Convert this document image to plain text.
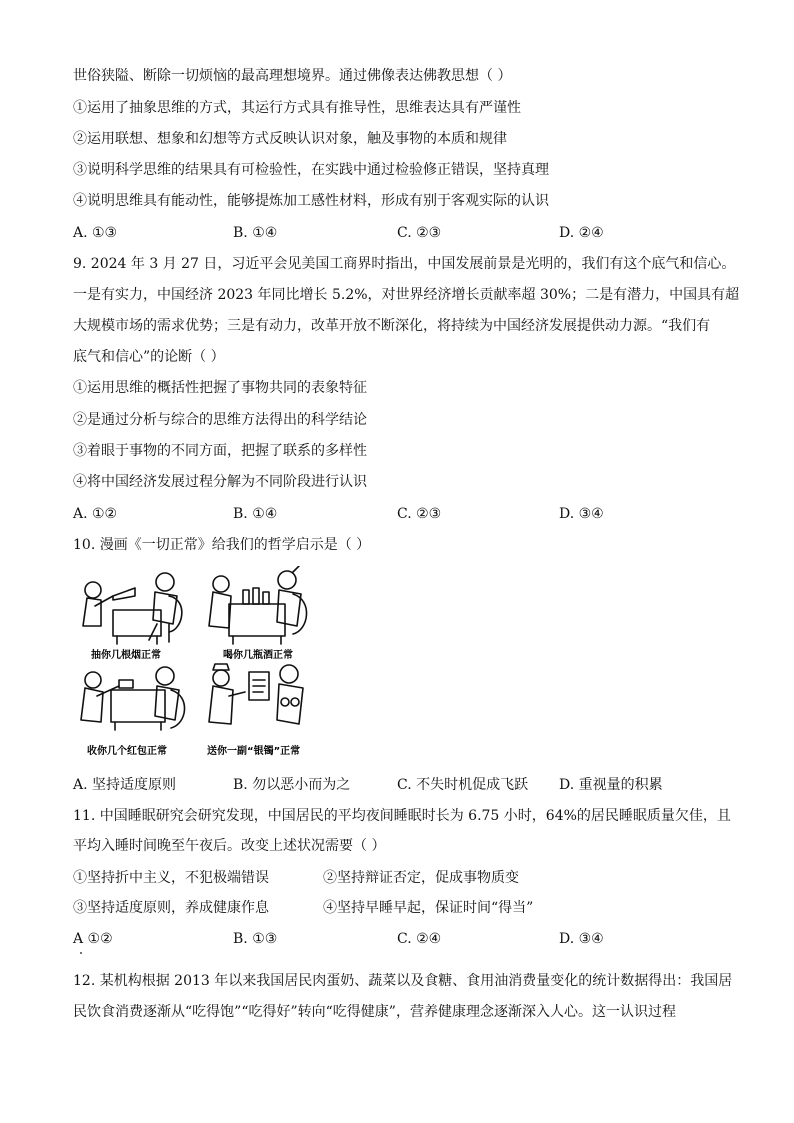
世俗狭隘、断除一切烦恼的最高理想境界。通过佛像表达佛教思想（ ）
①运用了抽象思维的方式，其运行方式具有推导性，思维表达具有严谨性
②运用联想、想象和幻想等方式反映认识对象，触及事物的本质和规律
③说明科学思维的结果具有可检验性，在实践中通过检验修正错误，坚持真理
④说明思维具有能动性，能够提炼加工感性材料，形成有别于客观实际的认识
A. ①③	B. ①④	C. ②③	D. ②④
9. 2024 年 3 月 27 日，习近平会见美国工商界时指出，中国发展前景是光明的，我们有这个底气和信心。
一是有实力，中国经济 2023 年同比增长 5.2%，对世界经济增长贡献率超 30%；二是有潜力，中国具有超
大规模市场的需求优势；三是有动力，改革开放不断深化，将持续为中国经济发展提供动力源。“我们有
底气和信心”的论断（ ）
①运用思维的概括性把握了事物共同的表象特征
②是通过分析与综合的思维方法得出的科学结论
③着眼于事物的不同方面，把握了联系的多样性
④将中国经济发展过程分解为不同阶段进行认识
A. ①②	B. ①④	C. ②③	D. ③④
10. 漫画《一切正常》给我们的哲学启示是（ ）
抽你几根烟正常	喝你几瓶酒正常
收你几个红包正常	送你一副“银镯”正常
A. 坚持适度原则	B. 勿以恶小而为之	C. 不失时机促成飞跃 D. 重视量的积累
11. 中国睡眠研究会研究发现，中国居民的平均夜间睡眠时长为 6.75 小时，64%的居民睡眠质量欠佳，且
平均入睡时间晚至午夜后。改变上述状况需要（ ）
①坚持折中主义，不犯极端错误	②坚持辩证否定，促成事物质变
③坚持适度原则，养成健康作息	④坚持早睡早起，保证时间“得当”
A ①②	B. ①③	C. ②④	D. ③④
12. 某机构根据 2013 年以来我国居民肉蛋奶、蔬菜以及食糖、食用油消费量变化的统计数据得出：我国居
民饮食消费逐渐从“吃得饱”“吃得好”转向“吃得健康”，营养健康理念逐渐深入人心。这一认识过程
